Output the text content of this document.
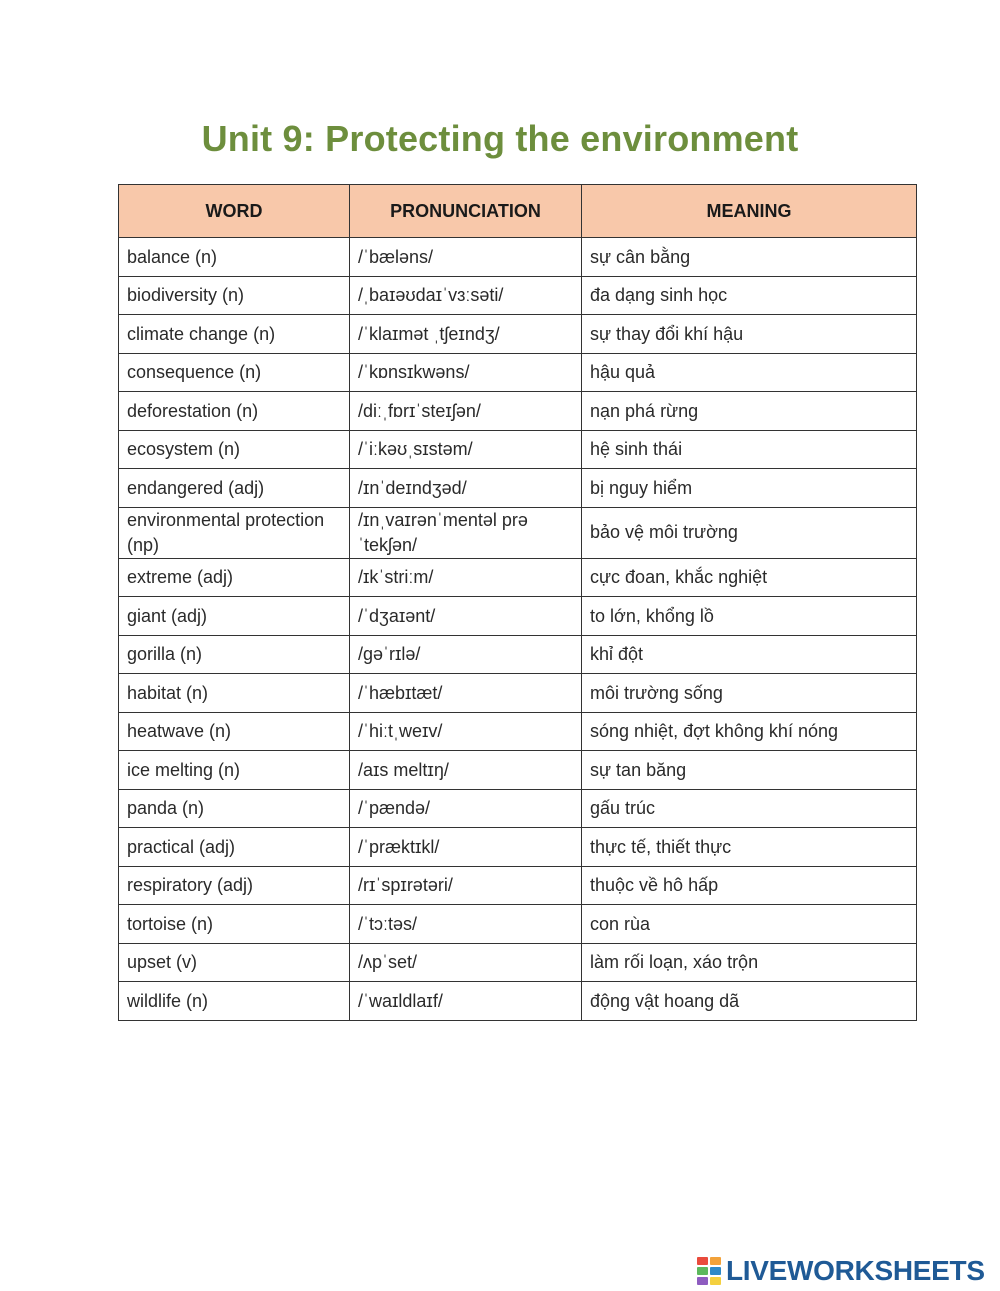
Unit 9: Protecting the environment
WORD	PRONUNCIATION	MEANING
balance (n)	/ˈbæləns/	sự cân bằng
biodiversity (n)	/ˌbaɪəʊdaɪˈvɜːsəti/	đa dạng sinh học
climate change (n)	/ˈklaɪmət ˌtʃeɪndʒ/	sự thay đổi khí hậu
consequence (n)	/ˈkɒnsɪkwəns/	hậu quả
deforestation (n)	/diːˌfɒrɪˈsteɪʃən/	nạn phá rừng
ecosystem (n)	/ˈiːkəʊˌsɪstəm/	hệ sinh thái
endangered (adj)	/ɪnˈdeɪndʒəd/	bị nguy hiểm
environmental protection (np)	/ɪnˌvaɪrənˈmentəl prəˈtekʃən/	bảo vệ môi trường
extreme (adj)	/ɪkˈstriːm/	cực đoan, khắc nghiệt
giant (adj)	/ˈdʒaɪənt/	to lớn, khổng lồ
gorilla (n)	/ɡəˈrɪlə/	khỉ đột
habitat (n)	/ˈhæbɪtæt/	môi trường sống
heatwave (n)	/ˈhiːtˌweɪv/	sóng nhiệt, đợt không khí nóng
ice melting (n)	/aɪs meltɪŋ/	sự tan băng
panda (n)	/ˈpændə/	gấu trúc
practical (adj)	/ˈpræktɪkl/	thực tế, thiết thực
respiratory (adj)	/rɪˈspɪrətəri/	thuộc về hô hấp
tortoise (n)	/ˈtɔːtəs/	con rùa
upset (v)	/ʌpˈset/	làm rối loạn, xáo trộn
wildlife (n)	/ˈwaɪldlaɪf/	động vật hoang dã
LIVEWORKSHEETS
